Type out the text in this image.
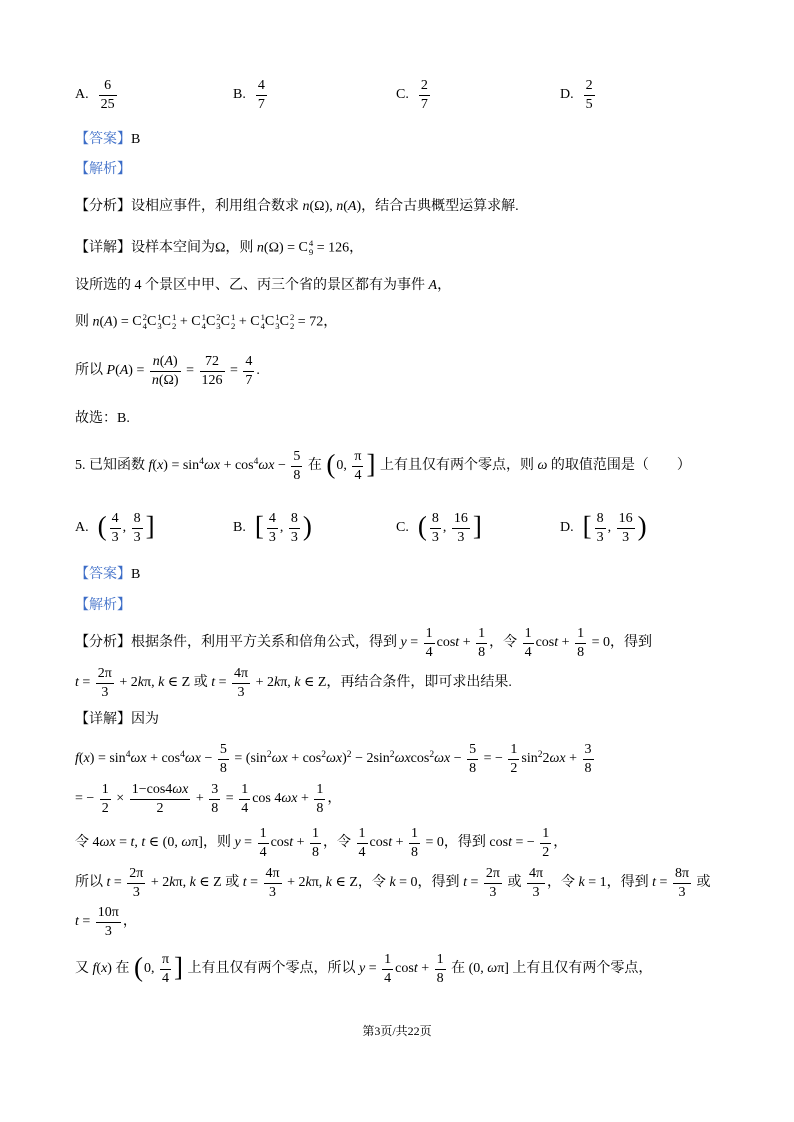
A. $\frac{6}{25}$	B. $\frac{4}{7}$	C. $\frac{2}{7}$	D. $\frac{2}{5}$
【答案】B
【解析】
【分析】设相应事件，利用组合数求 n(Ω), n(A)，结合古典概型运算求解.
【详解】设样本空间为Ω，则 n(Ω) = C 4
9 = 126，
设所选的 4 个景区中甲、乙、丙三个省的景区都有为事件 A，
则 n(A) = C 2
4 C 1
3 C 1
2 + C 1
4 C 2
3 C 1
2 + C 1
4 C 1
3 C 2
2 = 72，
所以 $P(A) = \frac{n(A)}{n(\Omega)} = \frac{72}{126} = \frac{4}{7}$ .
故选：B.
5. 已知函数 $f(x) = \sin^4\omega x + \cos^4\omega x - \frac{5}{8}$ 在 (0, $\frac{\pi}{4}$ ] 上有且仅有两个零点，则 ω 的取值范围是（　　）
A. ( $\frac{4}{3}$ , $\frac{8}{3}$ ]	B. [ $\frac{4}{3}$ , $\frac{8}{3}$ )	C. ( $\frac{8}{3}$ , $\frac{16}{3}$ ]	D. [ $\frac{8}{3}$ , $\frac{16}{3}$ )
【答案】B
【解析】
【分析】根据条件，利用平方关系和倍角公式，得到 $y = \frac{1}{4}$ $\cos t + \frac{1}{8}$ ，令 $\frac{1}{4}$ $\cos t + \frac{1}{8} = 0$，得到
$t = \frac{2\pi}{3} + 2k\pi$, k ∈ Z 或 $t = \frac{4\pi}{3} + 2k\pi$, k ∈ Z，再结合条件，即可求出结果.
【详解】因为
$f(x) = \sin^4\omega x + \cos^4\omega x - \frac{5}{8} = (\sin^2\omega x + \cos^2\omega x)^2 - 2\sin^2\omega xcos^2\omega x - \frac{5}{8}$ = − $\frac{1}{2} \sin^22\omega x + \frac{3}{8}$
= − $\frac{1}{2} \times \frac{1-\cos 4\omega x}{2} + \frac{3}{8} = \frac{1}{4}$ $\cos 4\omega x + \frac{1}{8}$ ，
令 4ωx = t, t ∈ (0, ωπ]，则 $y = \frac{1}{4}$ $\cos t + \frac{1}{8}$ ，令 $\frac{1}{4}$ $\cos t + \frac{1}{8} = 0$，得到 cost = − $\frac{1}{2}$ ，
所以 $t = \frac{2\pi}{3} + 2k\pi$, k ∈ Z 或 $t = \frac{4\pi}{3} + 2k\pi$, k ∈ Z，令 k = 0，得到 $t = \frac{2\pi}{3}$ 或 $\frac{4\pi}{3}$ ，令 k = 1，得到 $t = \frac{8\pi}{3}$ 或
$t = \frac{10\pi}{3}$ ，
又 f(x) 在 (0, $\frac{\pi}{4}$ ] 上有且仅有两个零点，所以 $y = \frac{1}{4}$ $\cos t + \frac{1}{8}$ 在 (0, ωπ] 上有且仅有两个零点，
第3页/共22页
